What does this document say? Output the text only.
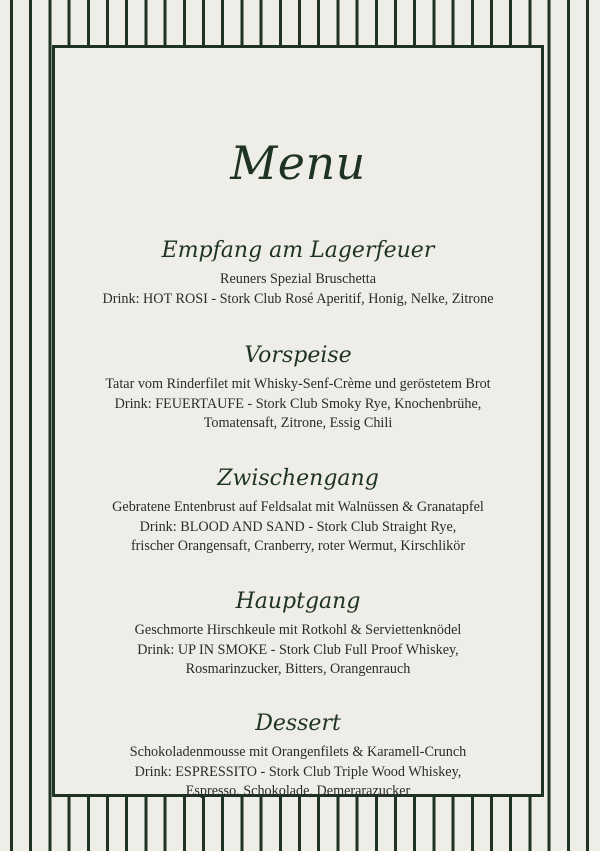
Menu
Empfang am Lagerfeuer
Reuners Spezial Bruschetta
Drink: HOT ROSI - Stork Club Rosé Aperitif, Honig, Nelke, Zitrone
Vorspeise
Tatar vom Rinderfilet mit Whisky-Senf-Crème und geröstetem Brot
Drink: FEUERTAUFE - Stork Club Smoky Rye, Knochenbrühe,
Tomatensaft, Zitrone, Essig Chili
Zwischengang
Gebratene Entenbrust auf Feldsalat mit Walnüssen & Granatapfel
Drink: BLOOD AND SAND - Stork Club Straight Rye,
frischer Orangensaft, Cranberry, roter Wermut, Kirschlikör
Hauptgang
Geschmorte Hirschkeule mit Rotkohl & Serviettenknödel
Drink: UP IN SMOKE - Stork Club Full Proof Whiskey,
Rosmarinzucker, Bitters, Orangenrauch
Dessert
Schokoladenmousse mit Orangenfilets & Karamell-Crunch
Drink: ESPRESSITO - Stork Club Triple Wood Whiskey,
Espresso, Schokolade, Demerarazucker
